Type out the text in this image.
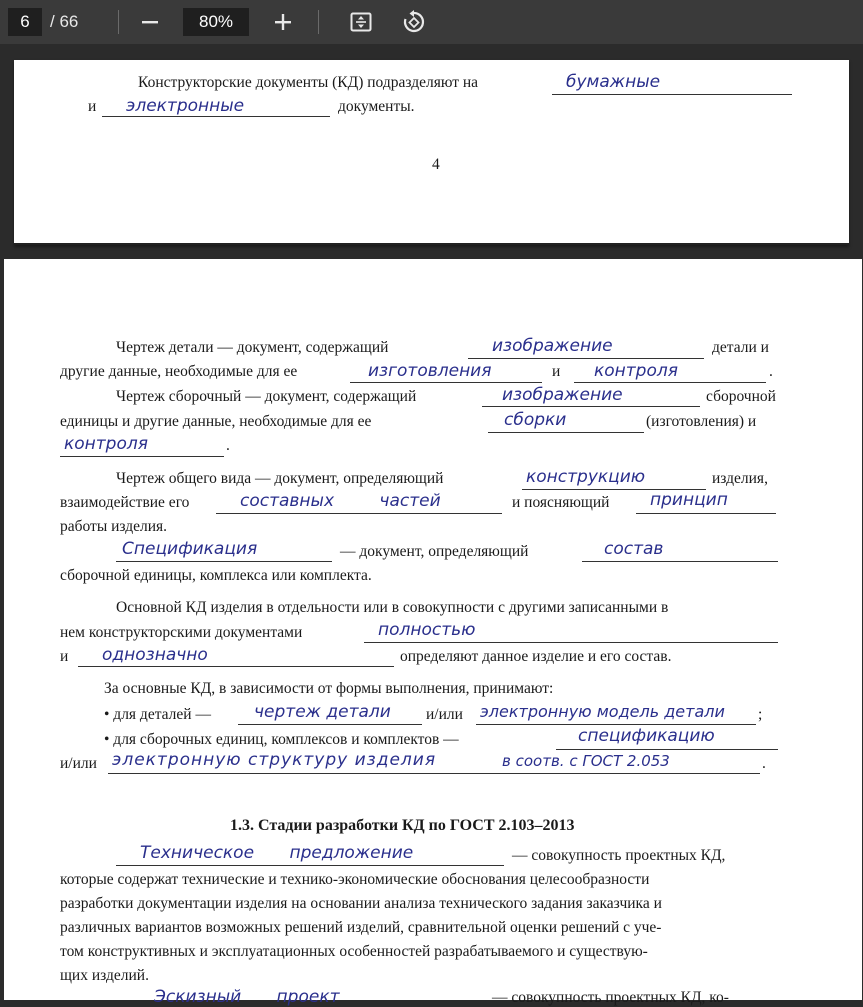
6	/ 66	80%
Конструкторские документы (КД) подразделяют на	бумажные
и электронные	документы.
4
Чертеж детали — документ, содержащий	изображение	детали и
другие данные, необходимые для ее	изготовления	и контроля	.
Чертеж сборочный — документ, содержащий	изображение	сборочной
единицы и другие данные, необходимые для ее	сборки	(изготовления) и
контроля	.
Чертеж общего вида — документ, определяющий	конструкцию	изделия,
взаимодействие его	составных частей	и поясняющий принцип
работы изделия.
Спецификация	— документ, определяющий	состав
сборочной единицы, комплекса или комплекта.
Основной КД изделия в отдельности или в совокупности с другими записанными в
нем конструкторскими документами	полностью
и однозначно	определяют данное изделие и его состав.
За основные КД, в зависимости от формы выполнения, принимают:
• для деталей —	чертеж детали и/или электронную модель детали ;
• для сборочных единиц, комплексов и комплектов —	спецификацию
и/или электронную структуру изделия	в соотв. с ГОСТ 2.053	.
1.3. Стадии разработки КД по ГОСТ 2.103–2013
Техническое предложение	— совокупность проектных КД,
которые содержат технические и технико-экономические обоснования целесообразности
разработки документации изделия на основании анализа технического задания заказчика и
различных вариантов возможных решений изделий, сравнительной оценки решений с уче-
том конструктивных и эксплуатационных особенностей разрабатываемого и существую-
щих изделий.
Эскизный проект	— совокупность проектных КД, ко-
